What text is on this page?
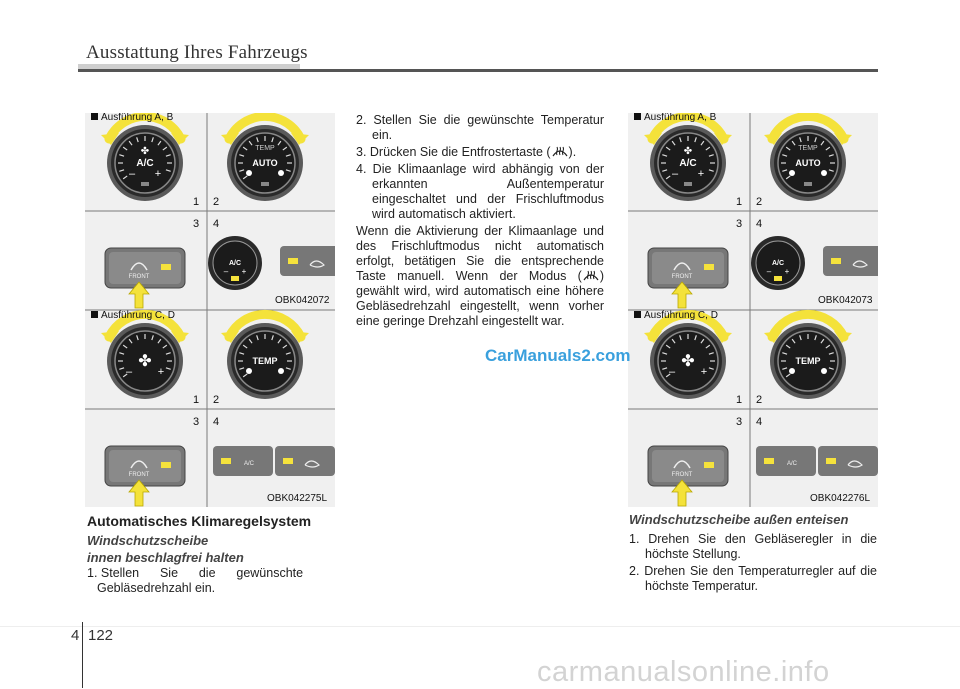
Ausstattung Ihres Fahrzeugs
A/C
– +
✤
AUTO
TEMP
FRONT
A/C
– +
✤
– +
TEMP
FRONT
A/C
1 2
3 4
1 2
3 4
Ausführung A, B
Ausführung C, D
OBK042072
OBK042275L
A/C
– +
✤
AUTO
TEMP
FRONT
A/C
– +
✤
– +
TEMP
FRONT
A/C
1 2
3 4
1 2
3 4
Ausführung A, B
Ausführung C, D
OBK042073
OBK042276L
Automatisches Klimaregelsystem
Windschutzscheibe
innen beschlagfrei halten

1. Stellen      Sie      die      gewünschte

Gebläsedrehzahl ein.

2. Stellen Sie die gewünschte Temperatur ein.

3. Drücken Sie die Entfrostertaste ( ).

4. Die Klimaanlage wird abhängig von der erkannten Außentemperatur eingeschaltet und der Frischluftmodus wird automatisch aktiviert.

Wenn die Aktivierung der Klimaanlage und des Frischluftmodus nicht automatisch erfolgt, betätigen Sie die entsprechende Taste manuell. Wenn der Modus ( ) gewählt wird, wird automatisch eine höhere Gebläsedrehzahl eingestellt, wenn vorher eine geringe Drehzahl eingestellt war.

CarManuals2.com
Windschutzscheibe außen enteisen

1. Drehen Sie den Gebläseregler in die höchste Stellung.

2. Drehen Sie den Temperaturregler auf die höchste Temperatur.

4 122
carmanualsonline.info
